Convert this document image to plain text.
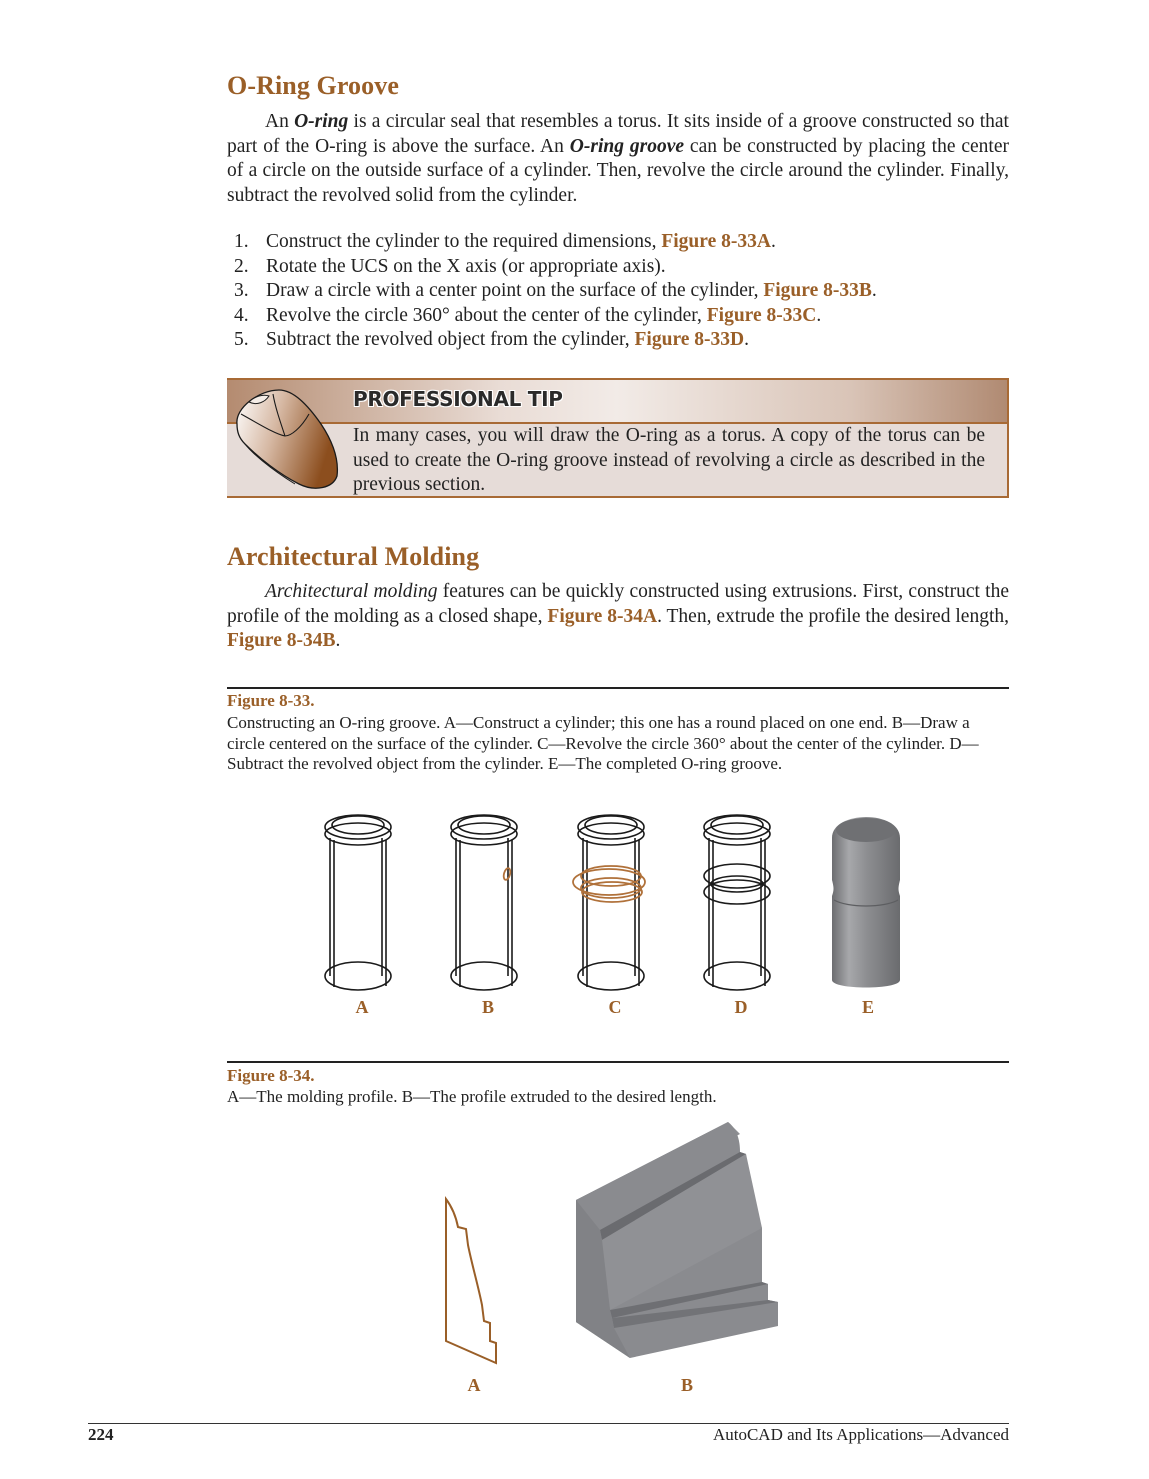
O-Ring Groove

An O-ring is a circular seal that resembles a torus. It sits inside of a groove constructed so that part of the O-ring is above the surface. An O-ring groove can be constructed by placing the center of a circle on the outside surface of a cylinder. Then, revolve the circle around the cylinder. Finally, subtract the revolved solid from the cylinder.

1. Construct the cylinder to the required dimensions, Figure 8-33A.
2. Rotate the UCS on the X axis (or appropriate axis).
3. Draw a circle with a center point on the surface of the cylinder, Figure 8-33B.
4. Revolve the circle 360° about the center of the cylinder, Figure 8-33C.
5. Subtract the revolved object from the cylinder, Figure 8-33D.
PROFESSIONAL TIP
In many cases, you will draw the O-ring as a torus. A copy of the torus can be used to create the O-ring groove instead of revolving a circle as described in the previous section.
Architectural Molding

Architectural molding features can be quickly constructed using extrusions. First, construct the profile of the molding as a closed shape, Figure 8-34A. Then, extrude the profile the desired length, Figure 8-34B.

Figure 8-33.
Constructing an O-ring groove. A—Construct a cylinder; this one has a round placed on one end. B—Draw a circle centered on the surface of the cylinder. C—Revolve the circle 360° about the center of the cylinder. D—Subtract the revolved object from the cylinder. E—The completed O-ring groove.
A	B	C	D	E
Figure 8-34.
A—The molding profile. B—The profile extruded to the desired length.
A	B
224	AutoCAD and Its Applications—Advanced
